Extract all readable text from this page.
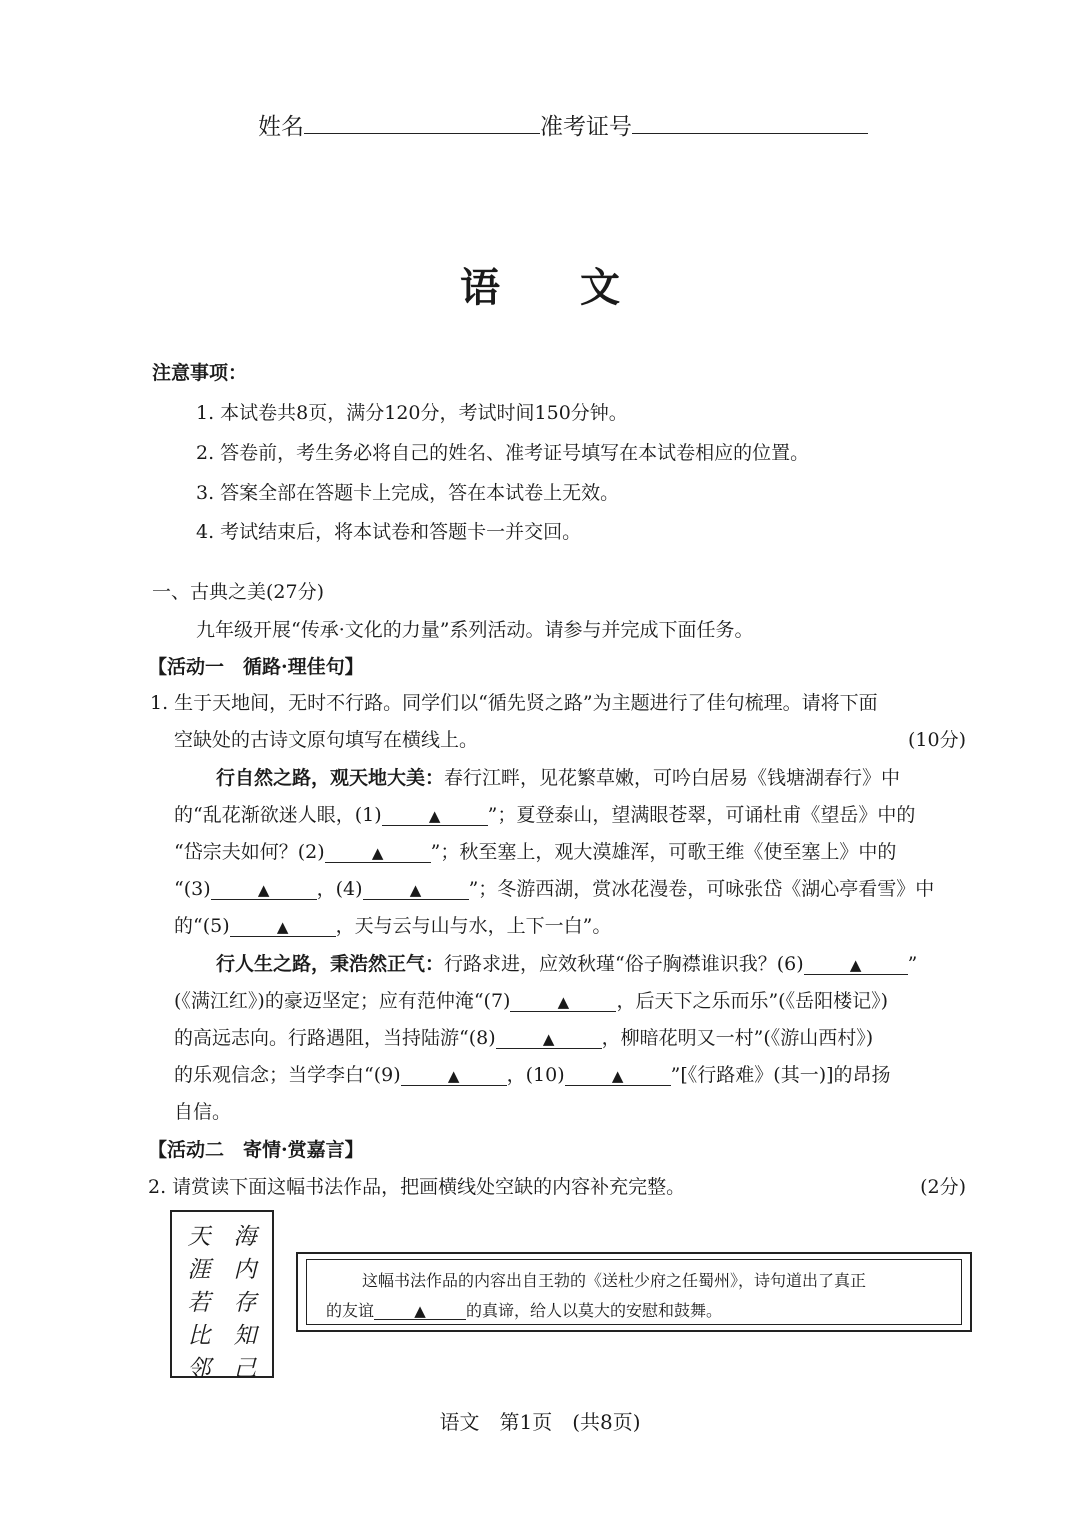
姓名	准考证号
语文
注意事项：
1. 本试卷共8页，满分120分，考试时间150分钟。
2. 答卷前，考生务必将自己的姓名、准考证号填写在本试卷相应的位置。
3. 答案全部在答题卡上完成，答在本试卷上无效。
4. 考试结束后，将本试卷和答题卡一并交回。
一、古典之美(27分)
九年级开展“传承·文化的力量”系列活动。请参与并完成下面任务。
【活动一　循路·理佳句】
1. 生于天地间，无时不行路。同学们以“循先贤之路”为主题进行了佳句梳理。请将下面
空缺处的古诗文原句填写在横线上。	(10分)
行自然之路，观天地大美：春行江畔，见花繁草嫩，可吟白居易《钱塘湖春行》中
的“乱花渐欲迷人眼，(1)	▲ ”；夏登泰山，望满眼苍翠，可诵杜甫《望岳》中的
“岱宗夫如何？(2)	▲ ”；秋至塞上，观大漠雄浑，可歌王维《使至塞上》中的
“(3)	▲ ，(4)	▲ ”；冬游西湖，赏冰花漫卷，可咏张岱《湖心亭看雪》中
的“(5)	▲ ，天与云与山与水，上下一白”。
行人生之路，秉浩然正气：行路求进，应效秋瑾“俗子胸襟谁识我？(6)	▲ ”
(《满江红》)的豪迈坚定；应有范仲淹“(7)	▲ ，后天下之乐而乐”(《岳阳楼记》)
的高远志向。行路遇阻，当持陆游“(8)	▲ ，柳暗花明又一村”(《游山西村》)
的乐观信念；当学李白“(9)	▲ ，(10)	▲ ”[《行路难》(其一)]的昂扬
自信。
【活动二　寄情·赏嘉言】
2. 请赏读下面这幅书法作品，把画横线处空缺的内容补充完整。	(2分)
海
内
存
知
己
天
涯
若
比
邻
这幅书法作品的内容出自王勃的《送杜少府之任蜀州》，诗句道出了真正
的友谊	▲	的真谛，给人以莫大的安慰和鼓舞。
语文　第1页　(共8页)
